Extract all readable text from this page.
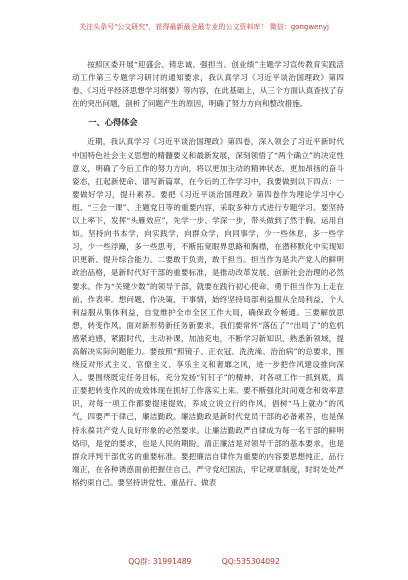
关注头条号"公文研究"，获得最新最全最专业的公文资料库！ 微信：gongwenyj

按照区委开展“迎盛会、铸忠诚、强担当、创业绩”主题学习宣传教育实践活动工作第三专题学习研讨的通知要求，我认真学习《习近平谈治国理政》第四卷、《习近平经济思想学习纲要》等内容，在此基础上，从三个方面认真查找了存在的突出问题，剖析了问题产生的原因，明确了努力方向和整改措施。

一、心得体会

近期，我认真学习《习近平谈治国理政》第四卷，深入领会了习近平新时代中国特色社会主义思想的精髓要义和最新发展，深刻领悟了“两个确立”的决定性意义，明确了今后工作的努力方向，将以更加主动的精神状态、更加昂扬的奋斗姿态，扛起新使命、谱写新篇章，在今后的工作学习中，我要做到以下四点：一要做好学习，提升素养。要把《习近平谈治国理政》第四卷作为理论学习中心组、“三会一课”、主题党日等的重要内容，采取多种方式进行专题学习。要坚持以上率下，发挥“头雁效应”，先学一步、学深一步，带头做到了然于胸、运用自如。坚持向书本学，向实践学，向群众学，向同事学，少一些休息，多一些学习，少一些浮躁，多一些思考，不断拓宽眼界思路和胸襟，在潜移默化中实现知识更新、提升综合能力。二要敢于负责，敢于担当。担当作为是共产党人的鲜明政治品格，是新时代好干部的重要标准，是推动改革发展、创新社会治理的必然要求。作为“关键少数”的领导干部，就要在践行初心使命、勇于担当作为上走在前、作表率。想问题、作决策、干事情，始终坚持局部利益服从全局利益、个人利益服从集体利益，自觉维护全市全区工作大局，确保政令畅通。三要解放思想，转变作风。面对新形势新任务新要求，我们要常怀“落伍了”“出局了”的危机感紧迫感，紧跟时代，主动补课，加油充电，不断学习新知识、熟悉新领域，提高解决实际问题能力。要按照“照镜子、正衣冠、洗洗澡、治治病”的总要求，围绕反对形式主义、官僚主义、享乐主义和奢靡之风，进一步把作风建设推向深入。要围绕既定任务目标，充分发扬“钉钉子”的精神，对各项工作一抓到底，真正要把转变作风的成效体现在抓好工作落实上来。要不断强化时间观念和效率意识，对每一项工作都要提速提效，养成立说立行的作风，倡树“马上就办”的风气，四要严于律己，廉洁勤政。廉洁勤政是新时代党员干部的必备素养，也是保持永葆共产党人良好形象的必然要求。让廉洁勤政严自律成为每一名干部的鲜明烙印，是党的要求，也是人民的期盼。清正廉洁是对领导干部的基本要求，也是群众评判干部优劣的重要标准。要把廉洁自律作为重要的内容要思想纯正，品行端正，在各种诱惑面前把握住自己，严守党纪国法，牢记规章制度，时时处处严格约束自己。要坚持讲党性、重品行、做表

QQ群: 31991489	QQ:535304092
